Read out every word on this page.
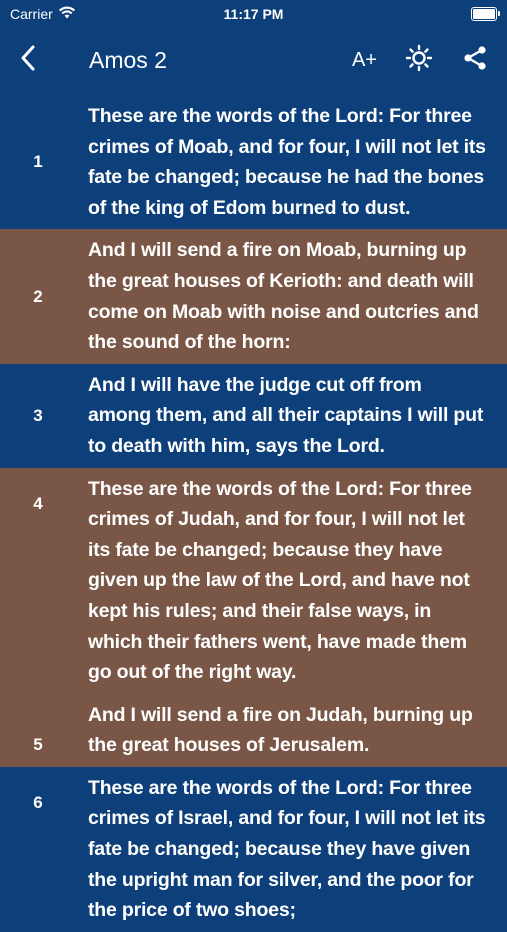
Carrier	11:17 PM
Amos 2	A+
1
These are the words of the Lord: For three crimes of Moab, and for four, I will not let its fate be changed; because he had the bones of the king of Edom burned to dust.
2
And I will send a fire on Moab, burning up the great houses of Kerioth: and death will come on Moab with noise and outcries and the sound of the horn:
3
And I will have the judge cut off from among them, and all their captains I will put to death with him, says the Lord.
4
These are the words of the Lord: For three crimes of Judah, and for four, I will not let its fate be changed; because they have given up the law of the Lord, and have not kept his rules; and their false ways, in which their fathers went, have made them go out of the right way.
5
And I will send a fire on Judah, burning up the great houses of Jerusalem.
6
These are the words of the Lord: For three crimes of Israel, and for four, I will not let its fate be changed; because they have given the upright man for silver, and the poor for the price of two shoes;
